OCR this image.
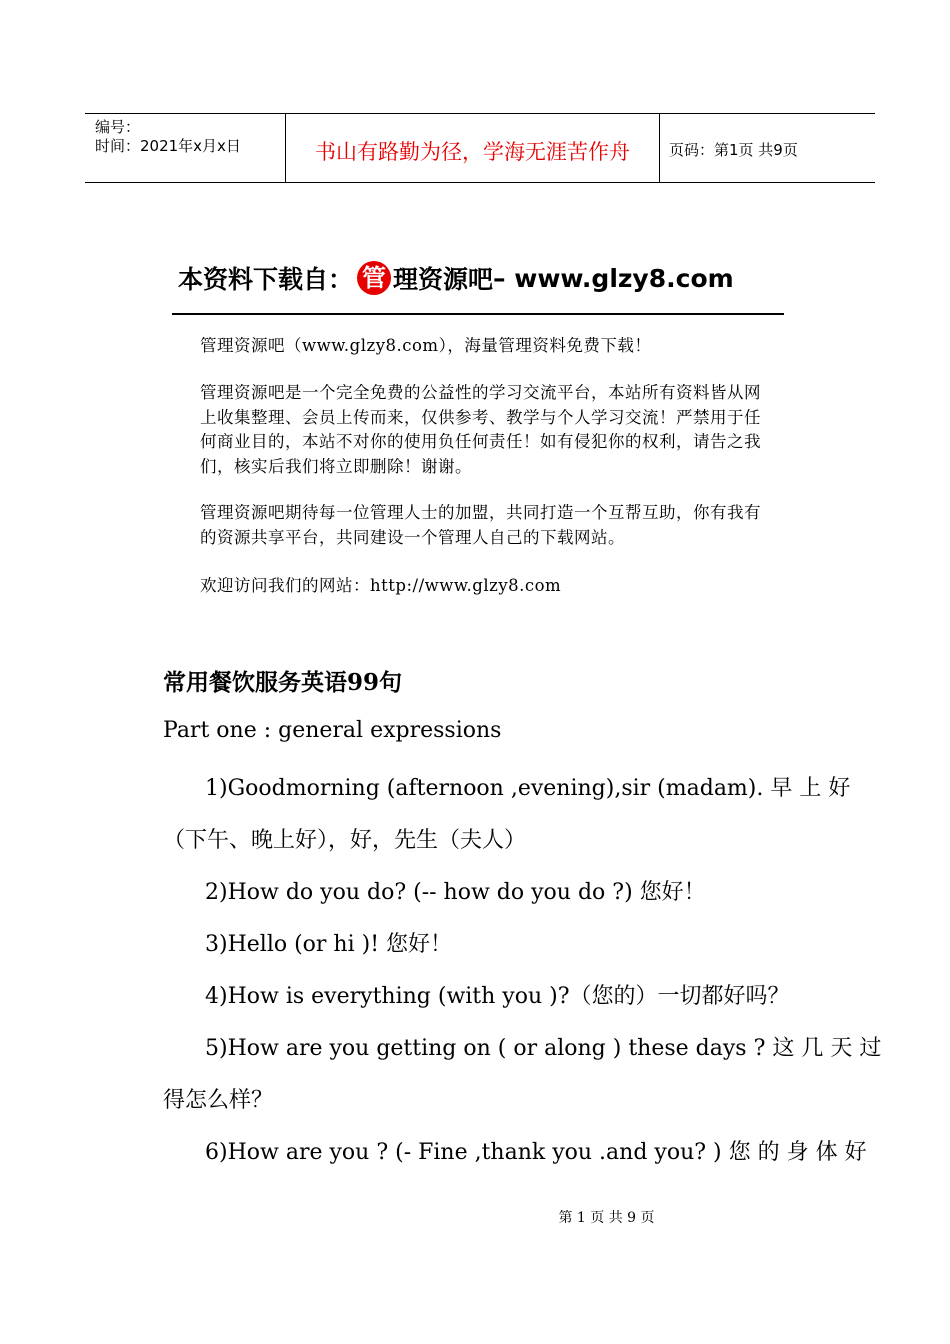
编号：
时间：2021年x月x日	书山有路勤为径，学海无涯苦作舟	页码：第1页 共9页
本资料下载自： 管 理资源吧 – www.glzy8.com
管理资源吧（www.glzy8.com），海量管理资料免费下载！
管理资源吧是一个完全免费的公益性的学习交流平台，本站所有资料皆从网上收集整理、会员上传而来，仅供参考、教学与个人学习交流！严禁用于任何商业目的，本站不对你的使用负任何责任！如有侵犯你的权利，请告之我们，核实后我们将立即删除！谢谢。
管理资源吧期待每一位管理人士的加盟，共同打造一个互帮互助，你有我有的资源共享平台，共同建设一个管理人自己的下载网站。
欢迎访问我们的网站：http://www.glzy8.com
常用餐饮服务英语99句
Part one : general expressions
1)Goodmorning (afternoon ,evening),sir (madam). 早 上 好
（下午、晚上好），好，先生（夫人）
2)How do you do? (-- how do you do ?) 您好！
3)Hello (or hi )! 您好！
4)How is everything (with you )?（您的）一切都好吗？
5)How are you getting on ( or along ) these days ? 这 几 天 过
得怎么样？
6)How are you ? (- Fine ,thank you .and you? ) 您 的 身 体 好
第 1 页 共 9 页
